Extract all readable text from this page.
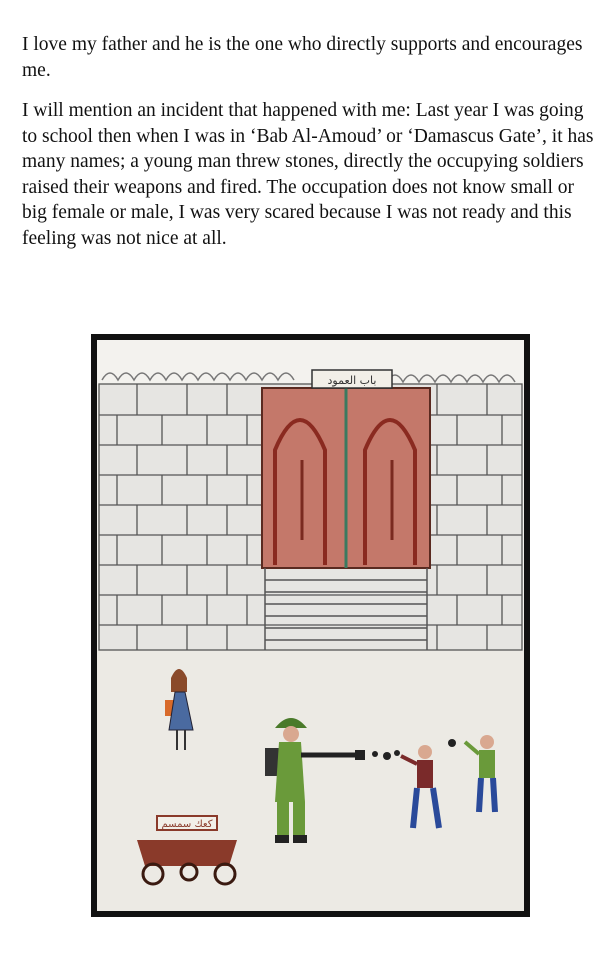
I love my father and he is the one who directly supports and encourages me.

I will mention an incident that happened with me: Last year I was going to school then when I was in ‘Bab Al-Amoud’ or ‘Damascus Gate’, it has many names; a young man threw stones, directly the occupying soldiers raised their weapons and fired. The occupation does not know small or big female or male, I was very scared because I was not ready and this feeling was not nice at all.

باب العمود
كعك سمسم
